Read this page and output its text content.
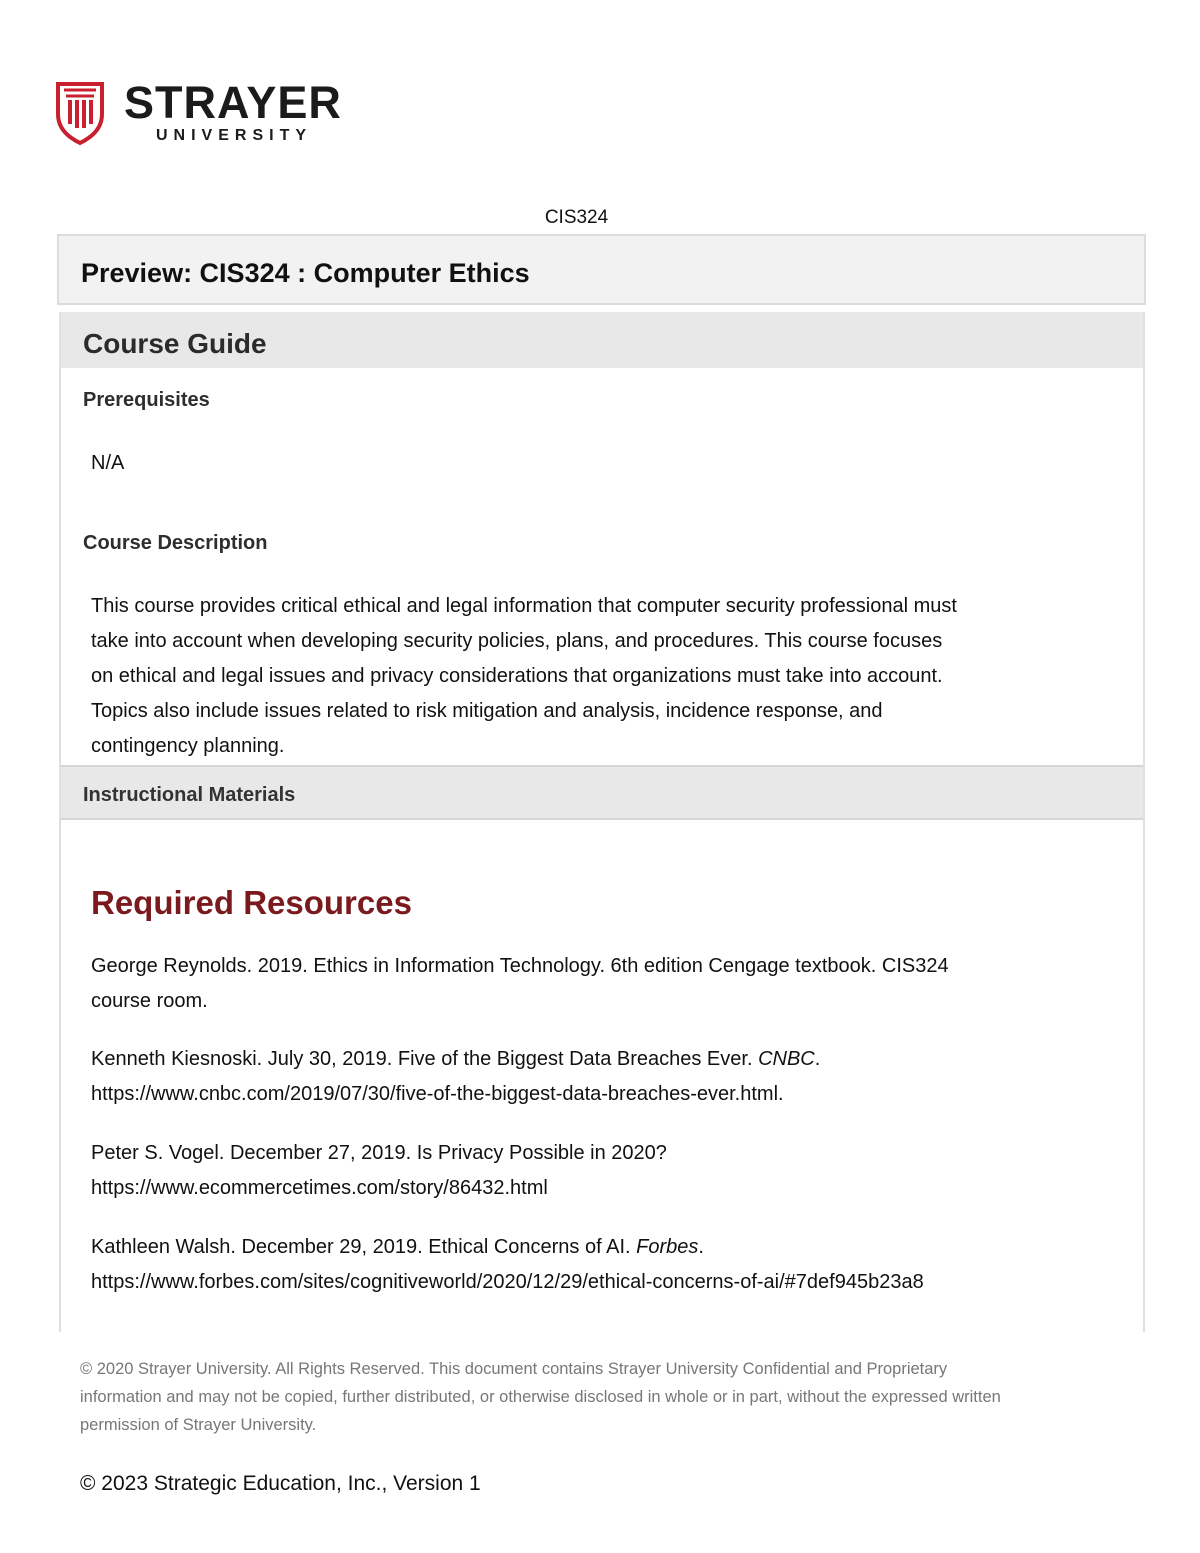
STRAYER
UNIVERSITY
CIS324
Preview: CIS324 : Computer Ethics
Course Guide
Prerequisites
N/A
Course Description
This course provides critical ethical and legal information that computer security professional must
take into account when developing security policies, plans, and procedures. This course focuses
on ethical and legal issues and privacy considerations that organizations must take into account.
Topics also include issues related to risk mitigation and analysis, incidence response, and
contingency planning.
Instructional Materials
Required Resources
George Reynolds. 2019. Ethics in Information Technology. 6th edition Cengage textbook. CIS324
course room.
Kenneth Kiesnoski. July 30, 2019. Five of the Biggest Data Breaches Ever. CNBC.
https://www.cnbc.com/2019/07/30/five-of-the-biggest-data-breaches-ever.html.
Peter S. Vogel. December 27, 2019. Is Privacy Possible in 2020?
https://www.ecommercetimes.com/story/86432.html
Kathleen Walsh. December 29, 2019. Ethical Concerns of AI. Forbes.
https://www.forbes.com/sites/cognitiveworld/2020/12/29/ethical-concerns-of-ai/#7def945b23a8
© 2020 Strayer University. All Rights Reserved. This document contains Strayer University Confidential and Proprietary
information and may not be copied, further distributed, or otherwise disclosed in whole or in part, without the expressed written
permission of Strayer University.
© 2023 Strategic Education, Inc., Version 1
